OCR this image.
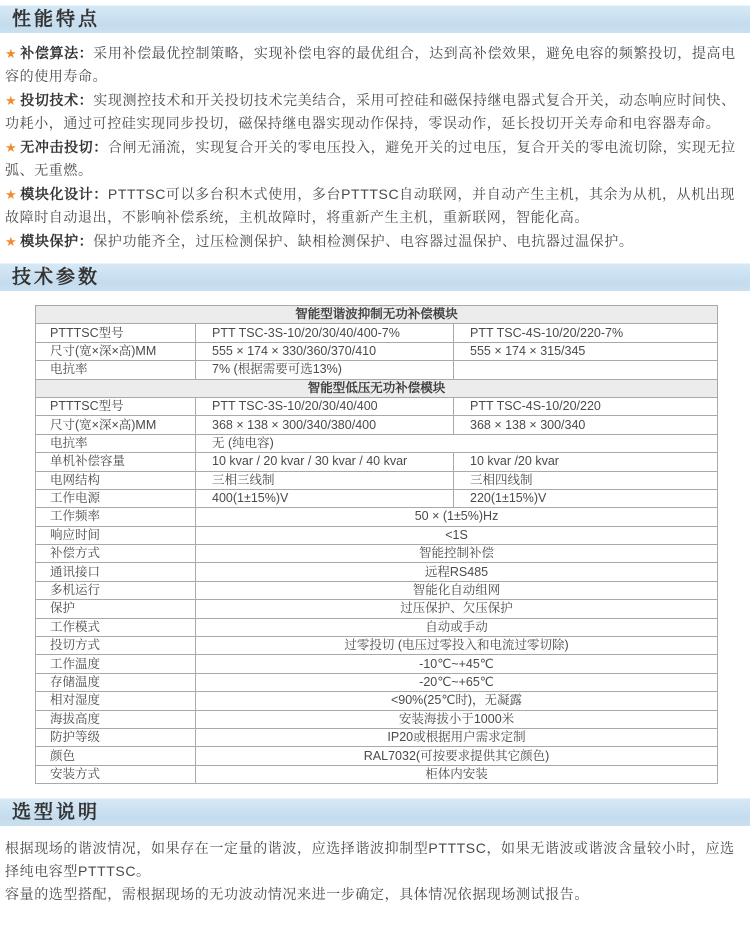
性能特点

★ 补偿算法：采用补偿最优控制策略，实现补偿电容的最优组合，达到高补偿效果，避免电容的频繁投切，提高电容的使用寿命。

★ 投切技术：实现测控技术和开关投切技术完美结合，采用可控硅和磁保持继电器式复合开关，动态响应时间快、功耗小，通过可控硅实现同步投切，磁保持继电器实现动作保持，零误动作，延长投切开关寿命和电容器寿命。

★ 无冲击投切：合闸无涌流，实现复合开关的零电压投入，避免开关的过电压，复合开关的零电流切除，实现无拉弧、无重燃。

★ 模块化设计：PTTTSC可以多台积木式使用，多台PTTTSC自动联网，并自动产生主机，其余为从机，从机出现故障时自动退出，不影响补偿系统，主机故障时，将重新产生主机，重新联网，智能化高。

★ 模块保护：保护功能齐全，过压检测保护、缺相检测保护、电容器过温保护、电抗器过温保护。

技术参数
智能型谐波抑制无功补偿模块		
PTTTSC型号	PTT TSC-3S-10/20/30/40/400-7%	PTT TSC-4S-10/20/220-7%
尺寸(宽×深×高)MM	555 × 174 × 330/360/370/410	555 × 174 × 315/345
电抗率	7% (根据需要可选13%)	
智能型低压无功补偿模块		
PTTTSC型号	PTT TSC-3S-10/20/30/40/400	PTT TSC-4S-10/20/220
尺寸(宽×深×高)MM	368 × 138 × 300/340/380/400	368 × 138 × 300/340
电抗率	无 (纯电容)	
单机补偿容量	10 kvar / 20 kvar / 30 kvar / 40 kvar	10 kvar /20 kvar
电网结构	三相三线制	三相四线制
工作电源	400(1±15%)V	220(1±15%)V
工作频率	50 × (1±5%)Hz	
响应时间	<1S	
补偿方式	智能控制补偿	
通讯接口	远程RS485	
多机运行	智能化自动组网	
保护	过压保护、欠压保护	
工作模式	自动或手动	
投切方式	过零投切 (电压过零投入和电流过零切除)	
工作温度	-10℃~+45℃	
存储温度	-20℃~+65℃	
相对湿度	<90%(25℃时)，无凝露	
海拔高度	安装海拔小于1000米	
防护等级	IP20或根据用户需求定制	
颜色	RAL7032(可按要求提供其它颜色)	
安装方式	柜体内安装	
选型说明

根据现场的谐波情况，如果存在一定量的谐波，应选择谐波抑制型PTTTSC，如果无谐波或谐波含量较小时，应选择纯电容型PTTTSC。

容量的选型搭配，需根据现场的无功波动情况来进一步确定，具体情况依据现场测试报告。
